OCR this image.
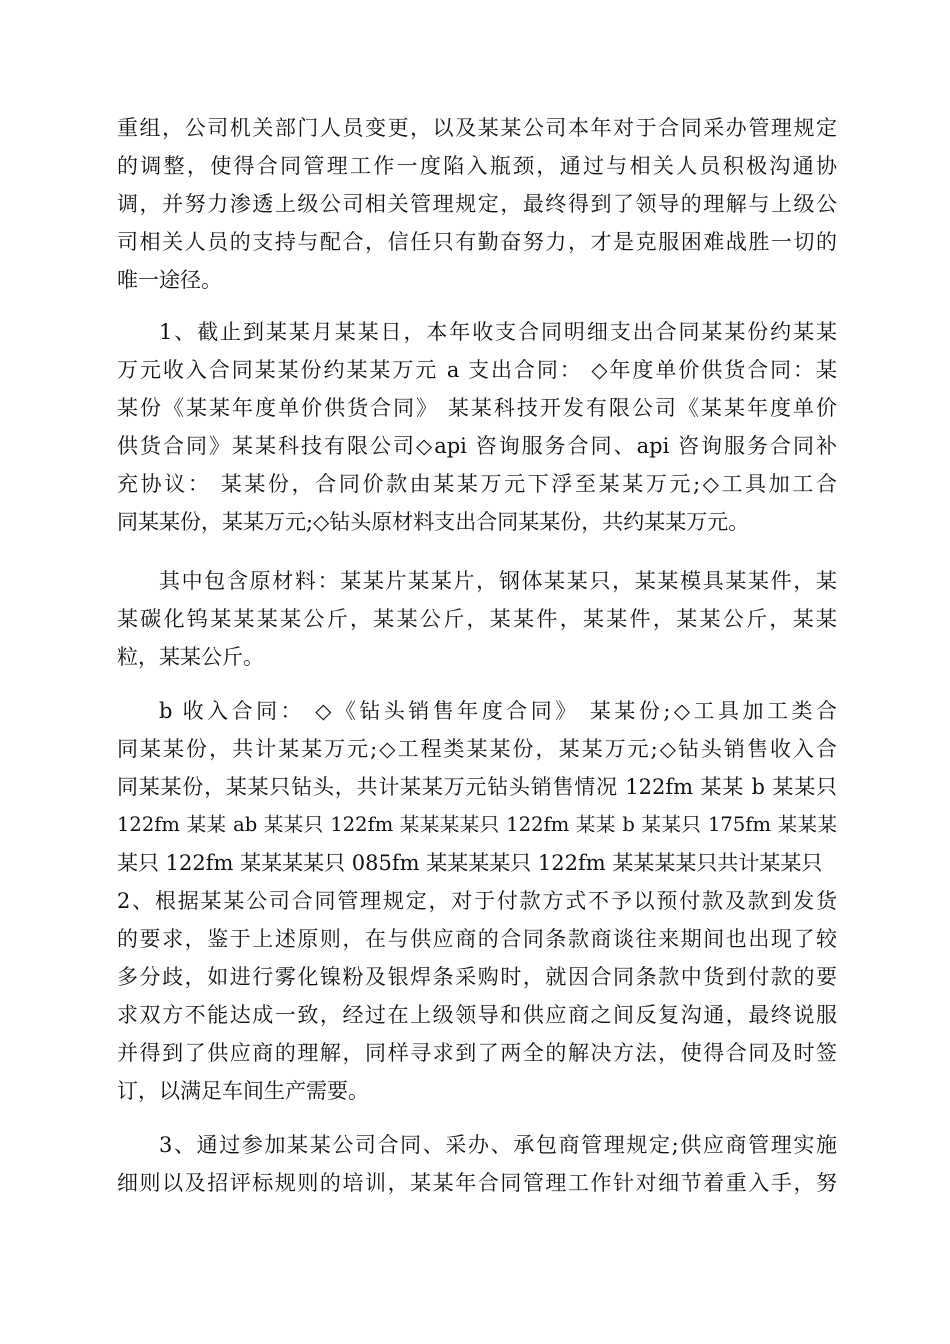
重组，公司机关部门人员变更，以及某某公司本年对于合同采办管理规定
的调整，使得合同管理工作一度陷入瓶颈，通过与相关人员积极沟通协
调，并努力渗透上级公司相关管理规定，最终得到了领导的理解与上级公
司相关人员的支持与配合，信任只有勤奋努力，才是克服困难战胜一切的
唯一途径。
1、截止到某某月某某日，本年收支合同明细支出合同某某份约某某
万元收入合同某某份约某某万元 a 支出合同： ◇年度单价供货合同：某
某份《某某年度单价供货合同》 某某科技开发有限公司《某某年度单价
供货合同》某某科技有限公司◇api 咨询服务合同、api 咨询服务合同补
充协议： 某某份，合同价款由某某万元下浮至某某万元;◇工具加工合
同某某份，某某万元;◇钻头原材料支出合同某某份，共约某某万元。
其中包含原材料：某某片某某片，钢体某某只，某某模具某某件，某
某碳化钨某某某某公斤，某某公斤，某某件，某某件，某某公斤，某某
粒，某某公斤。
b 收入合同： ◇《钻头销售年度合同》 某某份;◇工具加工类合
同某某份，共计某某万元;◇工程类某某份，某某万元;◇钻头销售收入合
同某某份，某某只钻头，共计某某万元钻头销售情况 122fm 某某 b 某某只
122fm 某某 ab 某某只 122fm 某某某某只 122fm 某某 b 某某只 175fm 某某某
某只 122fm 某某某某只 085fm 某某某某只 122fm 某某某某只共计某某只
2、根据某某公司合同管理规定，对于付款方式不予以预付款及款到发货
的要求，鉴于上述原则，在与供应商的合同条款商谈往来期间也出现了较
多分歧，如进行雾化镍粉及银焊条采购时，就因合同条款中货到付款的要
求双方不能达成一致，经过在上级领导和供应商之间反复沟通，最终说服
并得到了供应商的理解，同样寻求到了两全的解决方法，使得合同及时签
订，以满足车间生产需要。
3、通过参加某某公司合同、采办、承包商管理规定;供应商管理实施
细则以及招评标规则的培训，某某年合同管理工作针对细节着重入手，努
